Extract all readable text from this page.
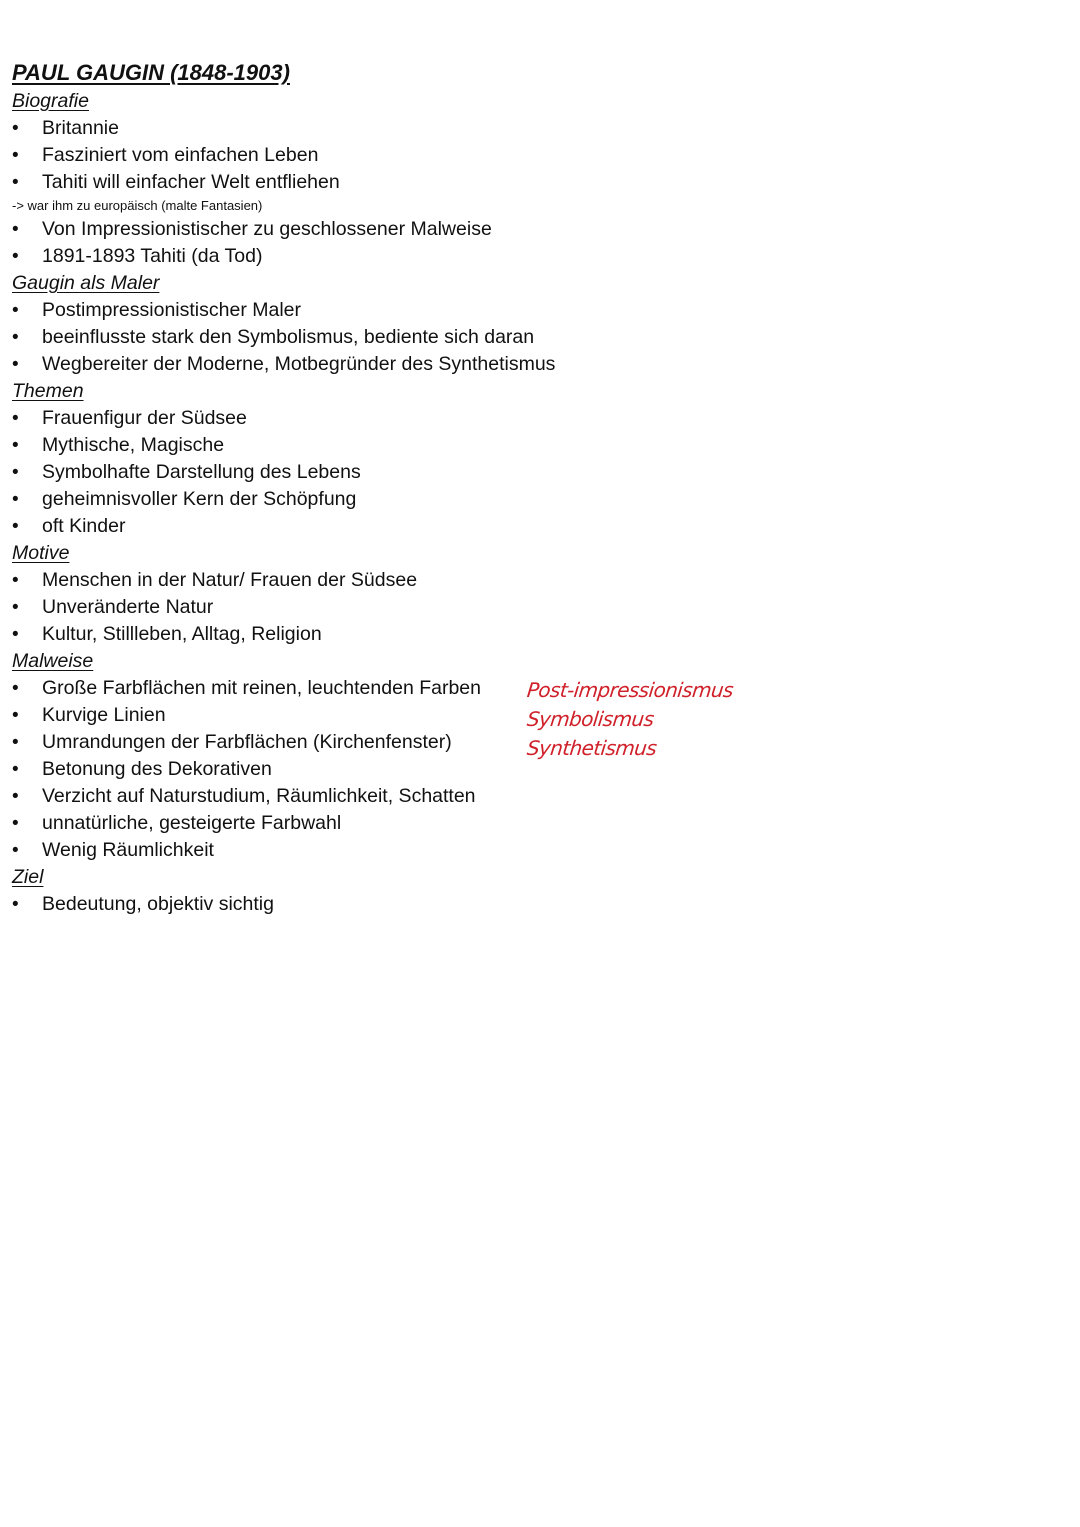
PAUL GAUGIN (1848-1903)
Biografie
• Britannie
• Fasziniert vom einfachen Leben
• Tahiti will einfacher Welt entfliehen
-> war ihm zu europäisch (malte Fantasien)
• Von Impressionistischer zu geschlossener Malweise
• 1891-1893 Tahiti (da Tod)
Gaugin als Maler
• Postimpressionistischer Maler
• beeinflusste stark den Symbolismus, bediente sich daran
• Wegbereiter der Moderne, Motbegründer des Synthetismus
Themen
• Frauenfigur der Südsee
• Mythische, Magische
• Symbolhafte Darstellung des Lebens
• geheimnisvoller Kern der Schöpfung
• oft Kinder
Motive
• Menschen in der Natur/ Frauen der Südsee
• Unveränderte Natur
• Kultur, Stillleben, Alltag, Religion
Malweise
• Große Farbflächen mit reinen, leuchtenden Farben
• Kurvige Linien
• Umrandungen der Farbflächen (Kirchenfenster)
• Betonung des Dekorativen
• Verzicht auf Naturstudium, Räumlichkeit, Schatten
• unnatürliche, gesteigerte Farbwahl
• Wenig Räumlichkeit
Ziel
• Bedeutung, objektiv sichtig
Post-impressionismus
Symbolismus
Synthetismus
